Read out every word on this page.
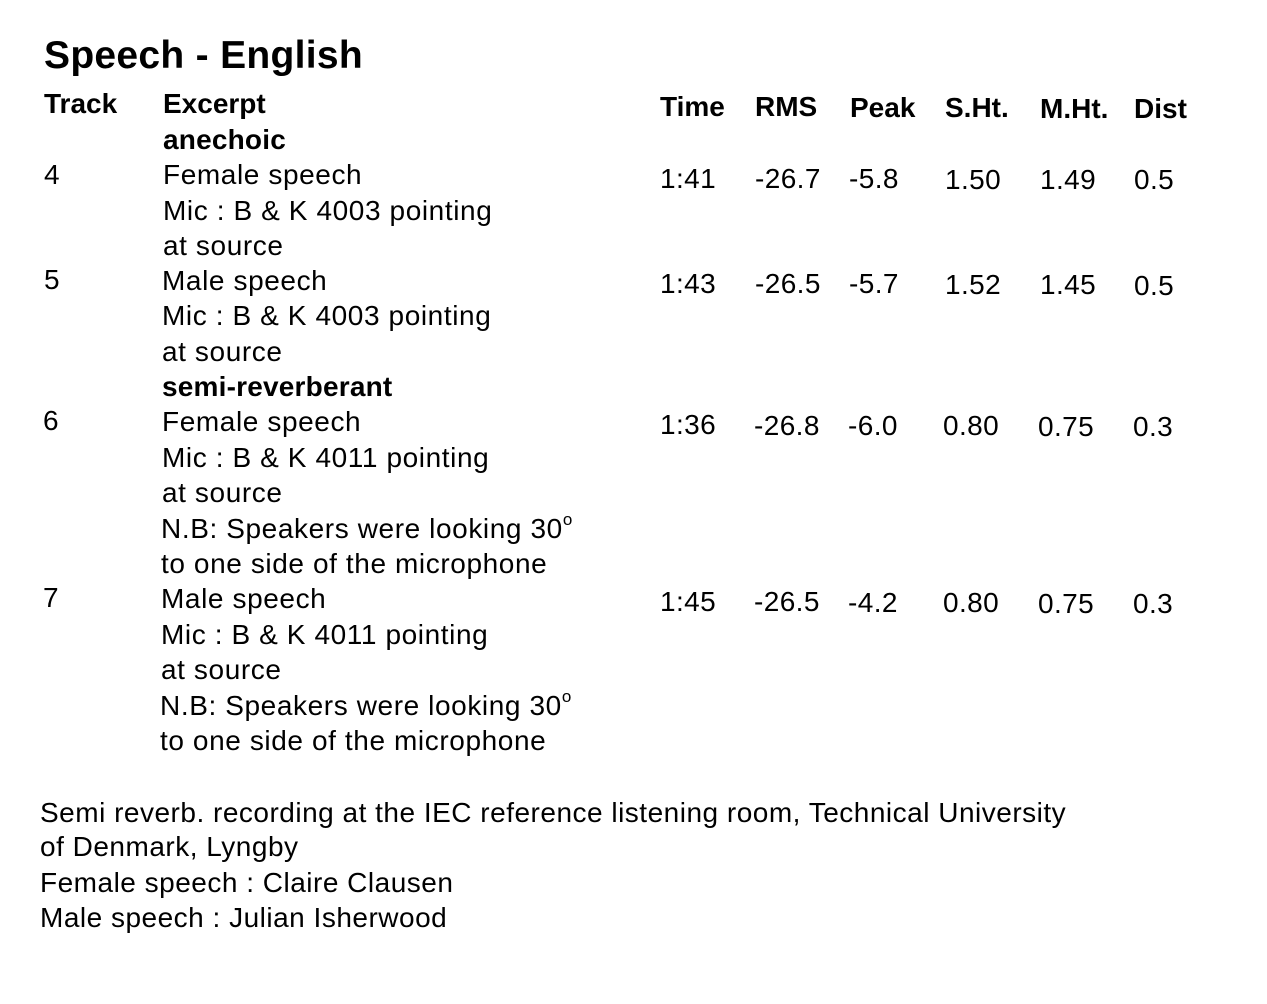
Speech - English
Track Excerpt	Time RMS Peak S.Ht. M.Ht. Dist
anechoic
4	Female speech
Mic : B & K 4003 pointing
at source
1:41 -26.7 -5.8 1.50 1.49 0.5
5	Male speech
Mic : B & K 4003 pointing
at source
1:43 -26.5 -5.7 1.52 1.45 0.5
semi-reverberant
6	Female speech
Mic : B & K 4011 pointing
at source
N.B: Speakers were looking 30$^o$
to one side of the microphone
1:36 -26.8 -6.0 0.80 0.75 0.3
7	Male speech
Mic : B & K 4011 pointing
at source
N.B: Speakers were looking 30$^o$
to one side of the microphone
1:45 -26.5 -4.2 0.80 0.75 0.3
Semi reverb. recording at the IEC reference listening room, Technical University
of Denmark, Lyngby
Female speech : Claire Clausen
Male speech : Julian Isherwood
